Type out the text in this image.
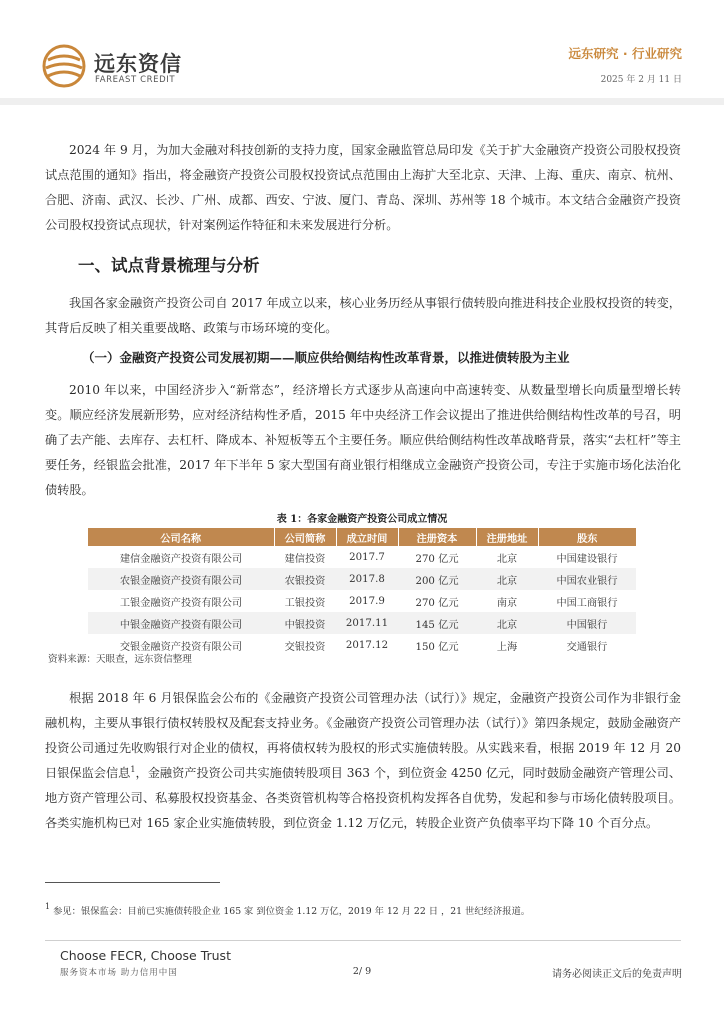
远东资信
FAREAST CREDIT
远东研究 · 行业研究
2025 年 2 月 11 日
2024 年 9 月，为加大金融对科技创新的支持力度，国家金融监管总局印发《关于扩大金融资产投资公司股权投资试点范围的通知》指出，将金融资产投资公司股权投资试点范围由上海扩大至北京、天津、上海、重庆、南京、杭州、合肥、济南、武汉、长沙、广州、成都、西安、宁波、厦门、青岛、深圳、苏州等 18 个城市。本文结合金融资产投资公司股权投资试点现状，针对案例运作特征和未来发展进行分析。
一、试点背景梳理与分析
我国各家金融资产投资公司自 2017 年成立以来，核心业务历经从事银行债转股向推进科技企业股权投资的转变，其背后反映了相关重要战略、政策与市场环境的变化。
（一）金融资产投资公司发展初期——顺应供给侧结构性改革背景，以推进债转股为主业
2010 年以来，中国经济步入“新常态”，经济增长方式逐步从高速向中高速转变、从数量型增长向质量型增长转变。顺应经济发展新形势，应对经济结构性矛盾，2015 年中央经济工作会议提出了推进供给侧结构性改革的号召，明确了去产能、去库存、去杠杆、降成本、补短板等五个主要任务。顺应供给侧结构性改革战略背景，落实“去杠杆”等主要任务，经银监会批准，2017 年下半年 5 家大型国有商业银行相继成立金融资产投资公司，专注于实施市场化法治化债转股。
表 1：各家金融资产投资公司成立情况
公司名称	公司简称	成立时间	注册资本	注册地址	股东
建信金融资产投资有限公司	建信投资	2017.7	270 亿元	北京	中国建设银行
农银金融资产投资有限公司	农银投资	2017.8	200 亿元	北京	中国农业银行
工银金融资产投资有限公司	工银投资	2017.9	270 亿元	南京	中国工商银行
中银金融资产投资有限公司	中银投资	2017.11	145 亿元	北京	中国银行
交银金融资产投资有限公司	交银投资	2017.12	150 亿元	上海	交通银行
资料来源：天眼查，远东资信整理
根据 2018 年 6 月银保监会公布的《金融资产投资公司管理办法（试行）》规定，金融资产投资公司作为非银行金融机构，主要从事银行债权转股权及配套支持业务。《金融资产投资公司管理办法（试行）》第四条规定，鼓励金融资产投资公司通过先收购银行对企业的债权，再将债权转为股权的形式实施债转股。从实践来看，根据 2019 年 12 月 20 日银保监会信息$^1$，金融资产投资公司共实施债转股项目 363 个，到位资金 4250 亿元，同时鼓励金融资产管理公司、地方资产管理公司、私募股权投资基金、各类资管机构等合格投资机构发挥各自优势，发起和参与市场化债转股项目。各类实施机构已对 165 家企业实施债转股，到位资金 1.12 万亿元，转股企业资产负债率平均下降 10 个百分点。
$^1$ 参见：银保监会：目前已实施债转股企业 165 家 到位资金 1.12 万亿，2019 年 12 月 22 日 ，21 世纪经济报道。
Choose FECR, Choose Trust
服务资本市场 助力信用中国	2/ 9	请务必阅读正文后的免责声明
